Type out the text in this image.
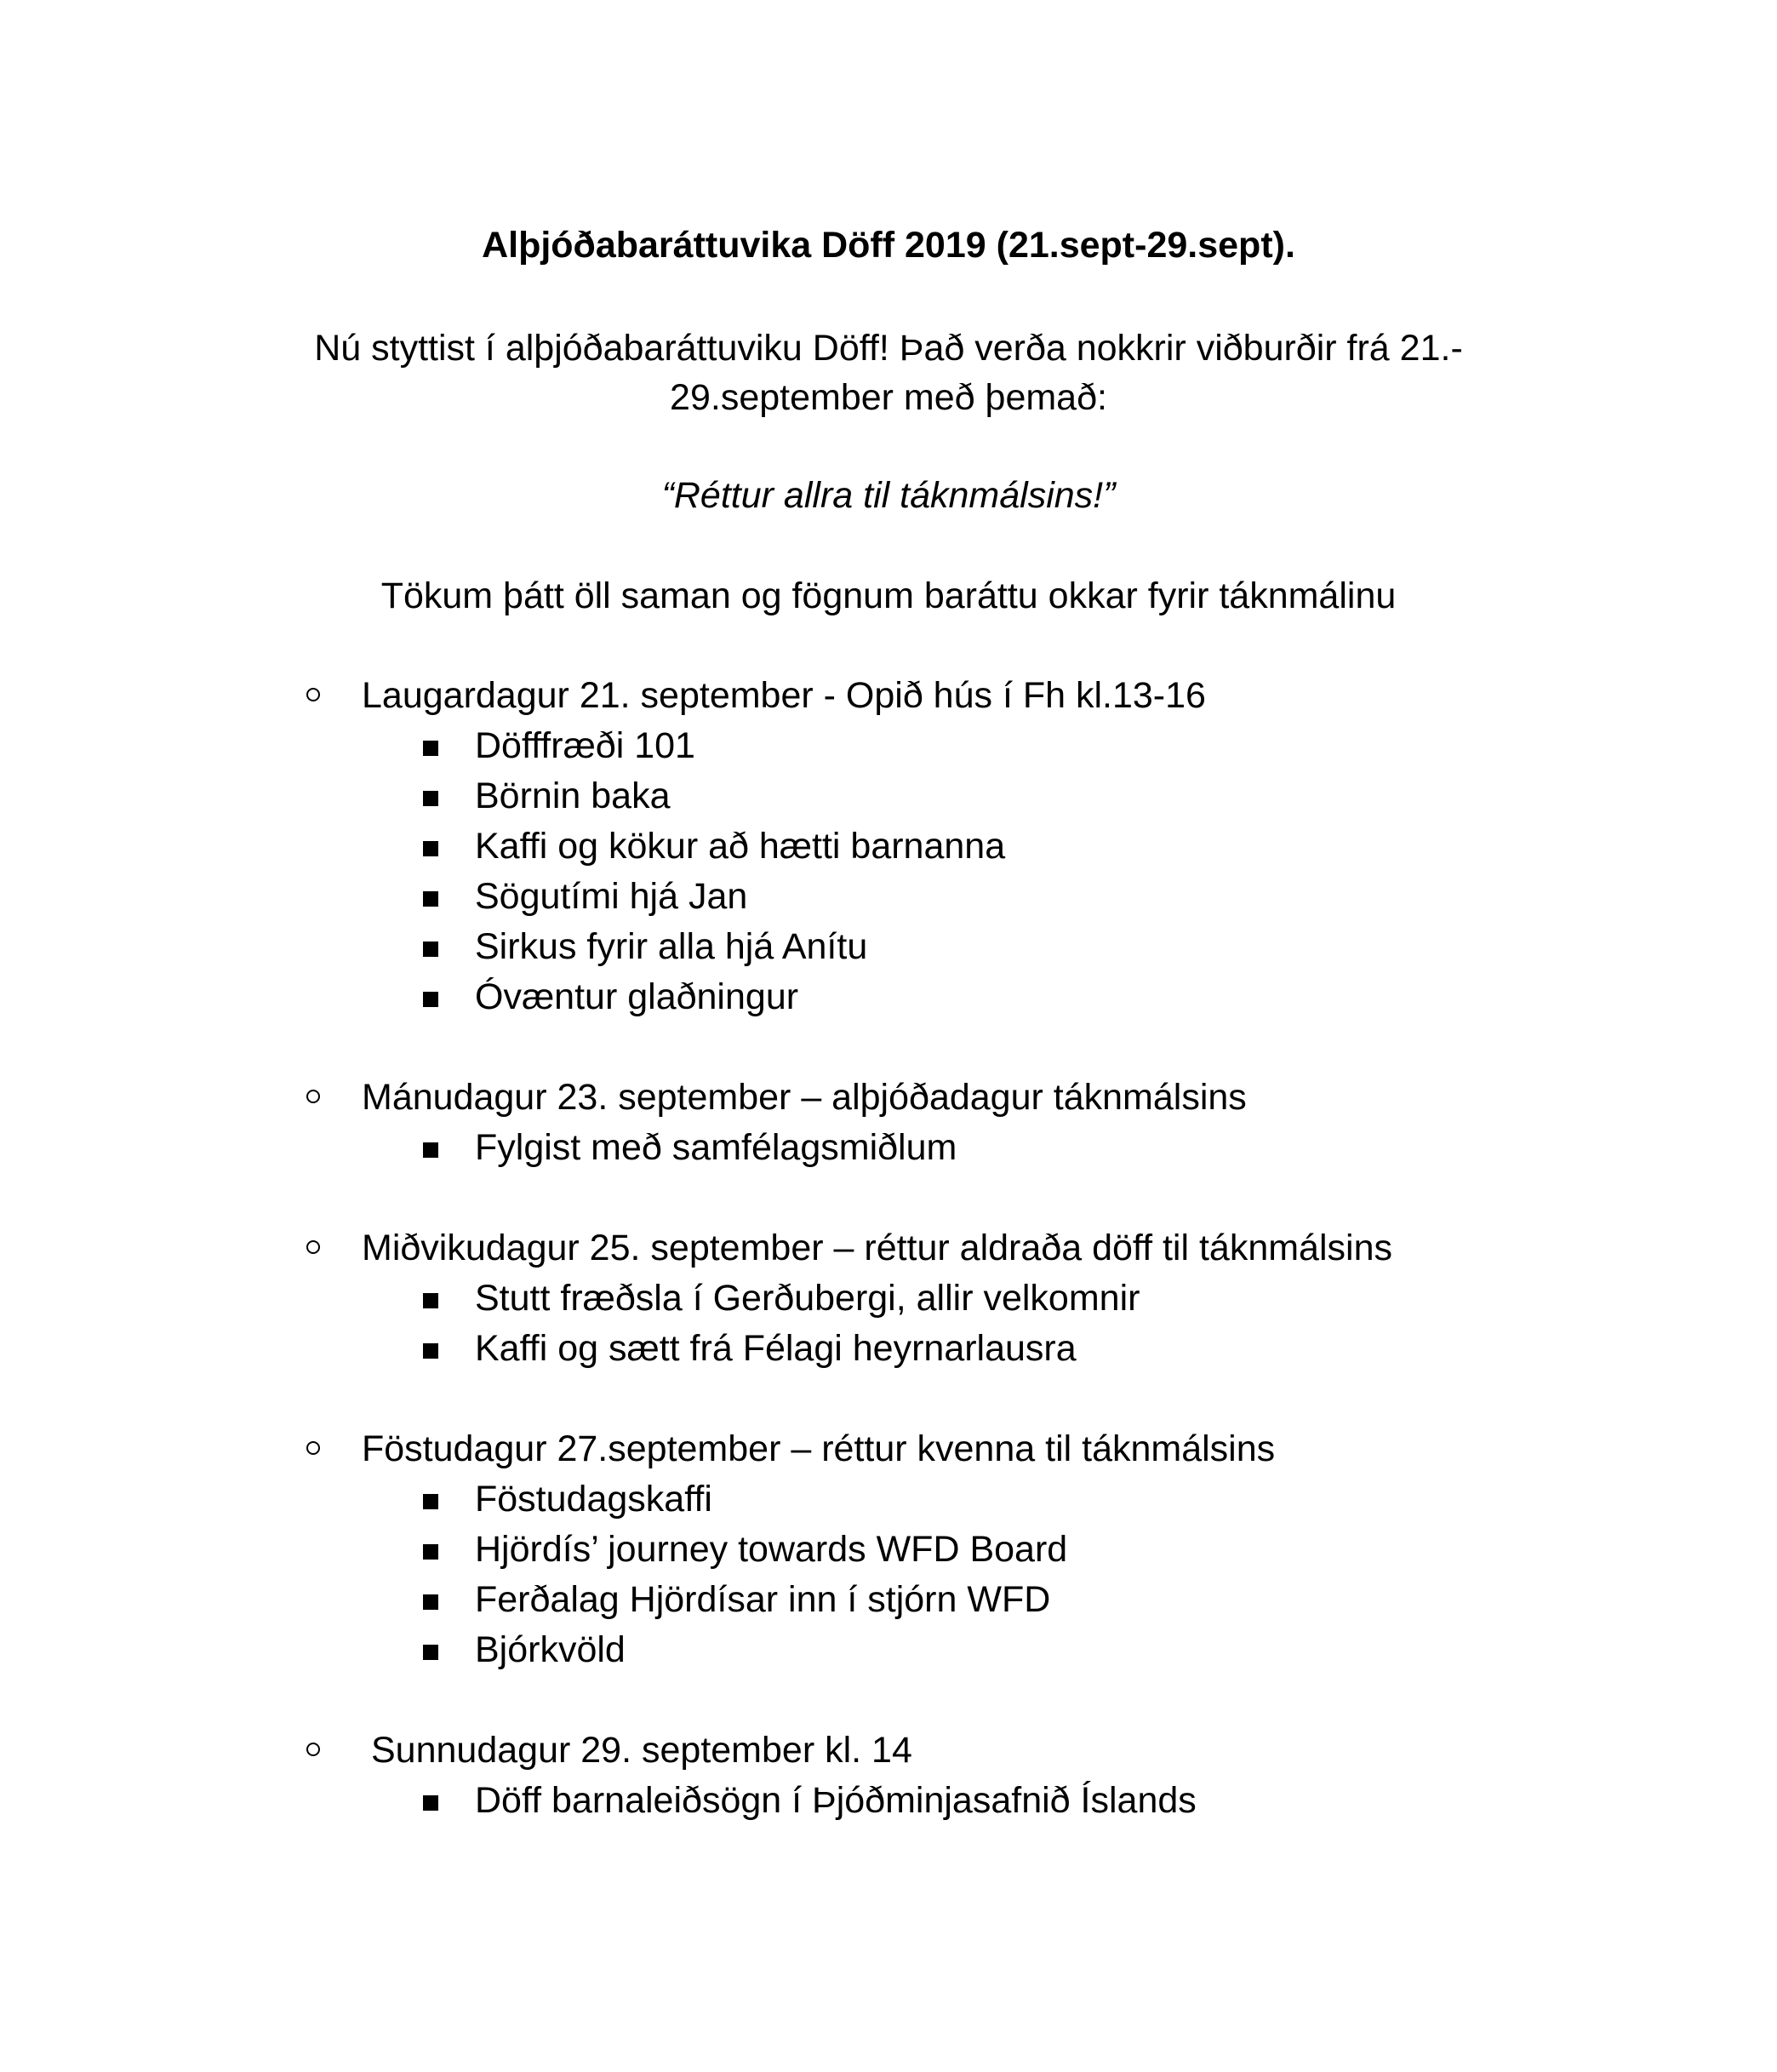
Alþjóðabaráttuvika Döff 2019 (21.sept-29.sept).
Nú styttist í alþjóðabaráttuviku Döff! Það verða nokkrir viðburðir frá 21.-
29.september með þemað:
“Réttur allra til táknmálsins!”
Tökum þátt öll saman og fögnum baráttu okkar fyrir táknmálinu
Laugardagur 21. september - Opið hús í Fh kl.13-16
Döfffræði 101
Börnin baka
Kaffi og kökur að hætti barnanna
Sögutími hjá Jan
Sirkus fyrir alla hjá Anítu
Óvæntur glaðningur
Mánudagur 23. september – alþjóðadagur táknmálsins
Fylgist með samfélagsmiðlum
Miðvikudagur 25. september – réttur aldraða döff til táknmálsins
Stutt fræðsla í Gerðubergi, allir velkomnir
Kaffi og sætt frá Félagi heyrnarlausra
Föstudagur 27.september – réttur kvenna til táknmálsins
Föstudagskaffi
Hjördís’ journey towards WFD Board
Ferðalag Hjördísar inn í stjórn WFD
Bjórkvöld
Sunnudagur 29. september kl. 14
Döff barnaleiðsögn í Þjóðminjasafnið Íslands
